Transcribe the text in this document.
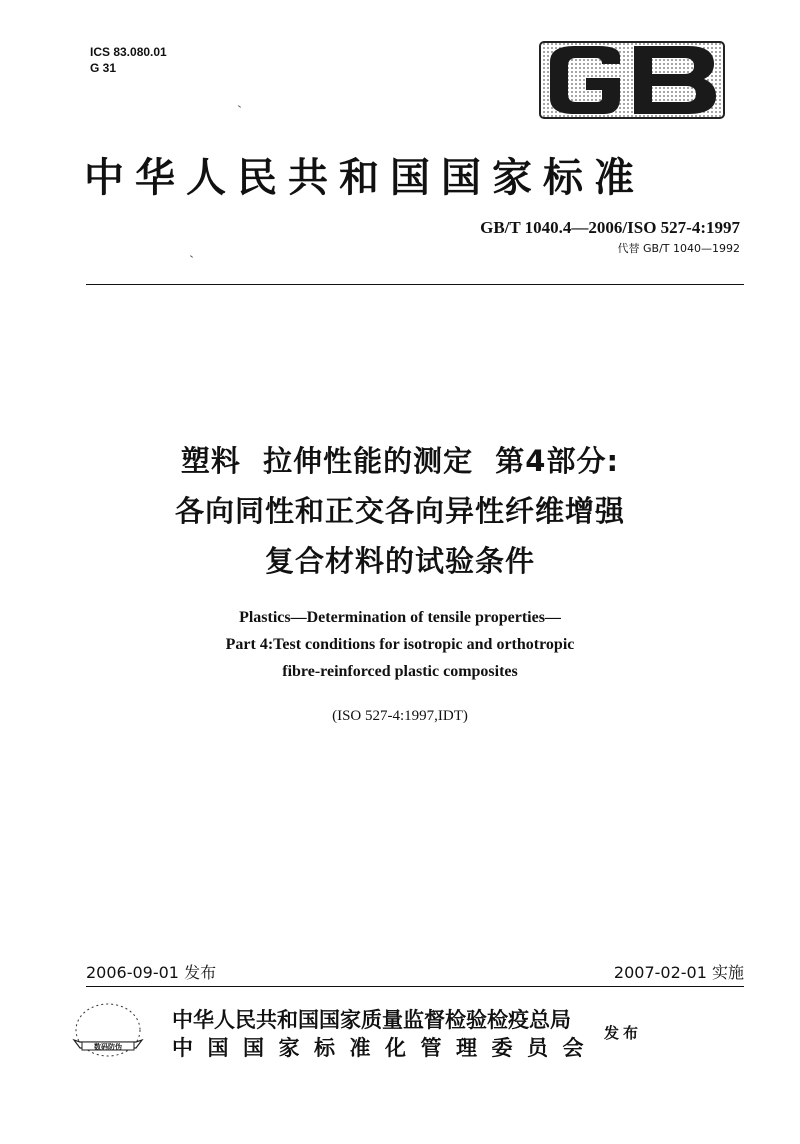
ICS 83.080.01
G 31
GB
中华人民共和国国家标准
GB/T 1040.4—2006/ISO 527-4:1997
代替 GB/T 1040—1992
塑料  拉伸性能的测定  第4部分:
各向同性和正交各向异性纤维增强
复合材料的试验条件
Plastics—Determination of tensile properties—
Part 4:Test conditions for isotropic and orthotropic
fibre-reinforced plastic composites
(ISO 527-4:1997,IDT)
2006-09-01 发布	2007-02-01 实施
数码防伪
中华人民共和国国家质量监督检验检疫总局
中国国家标准化管理委员会
发布
